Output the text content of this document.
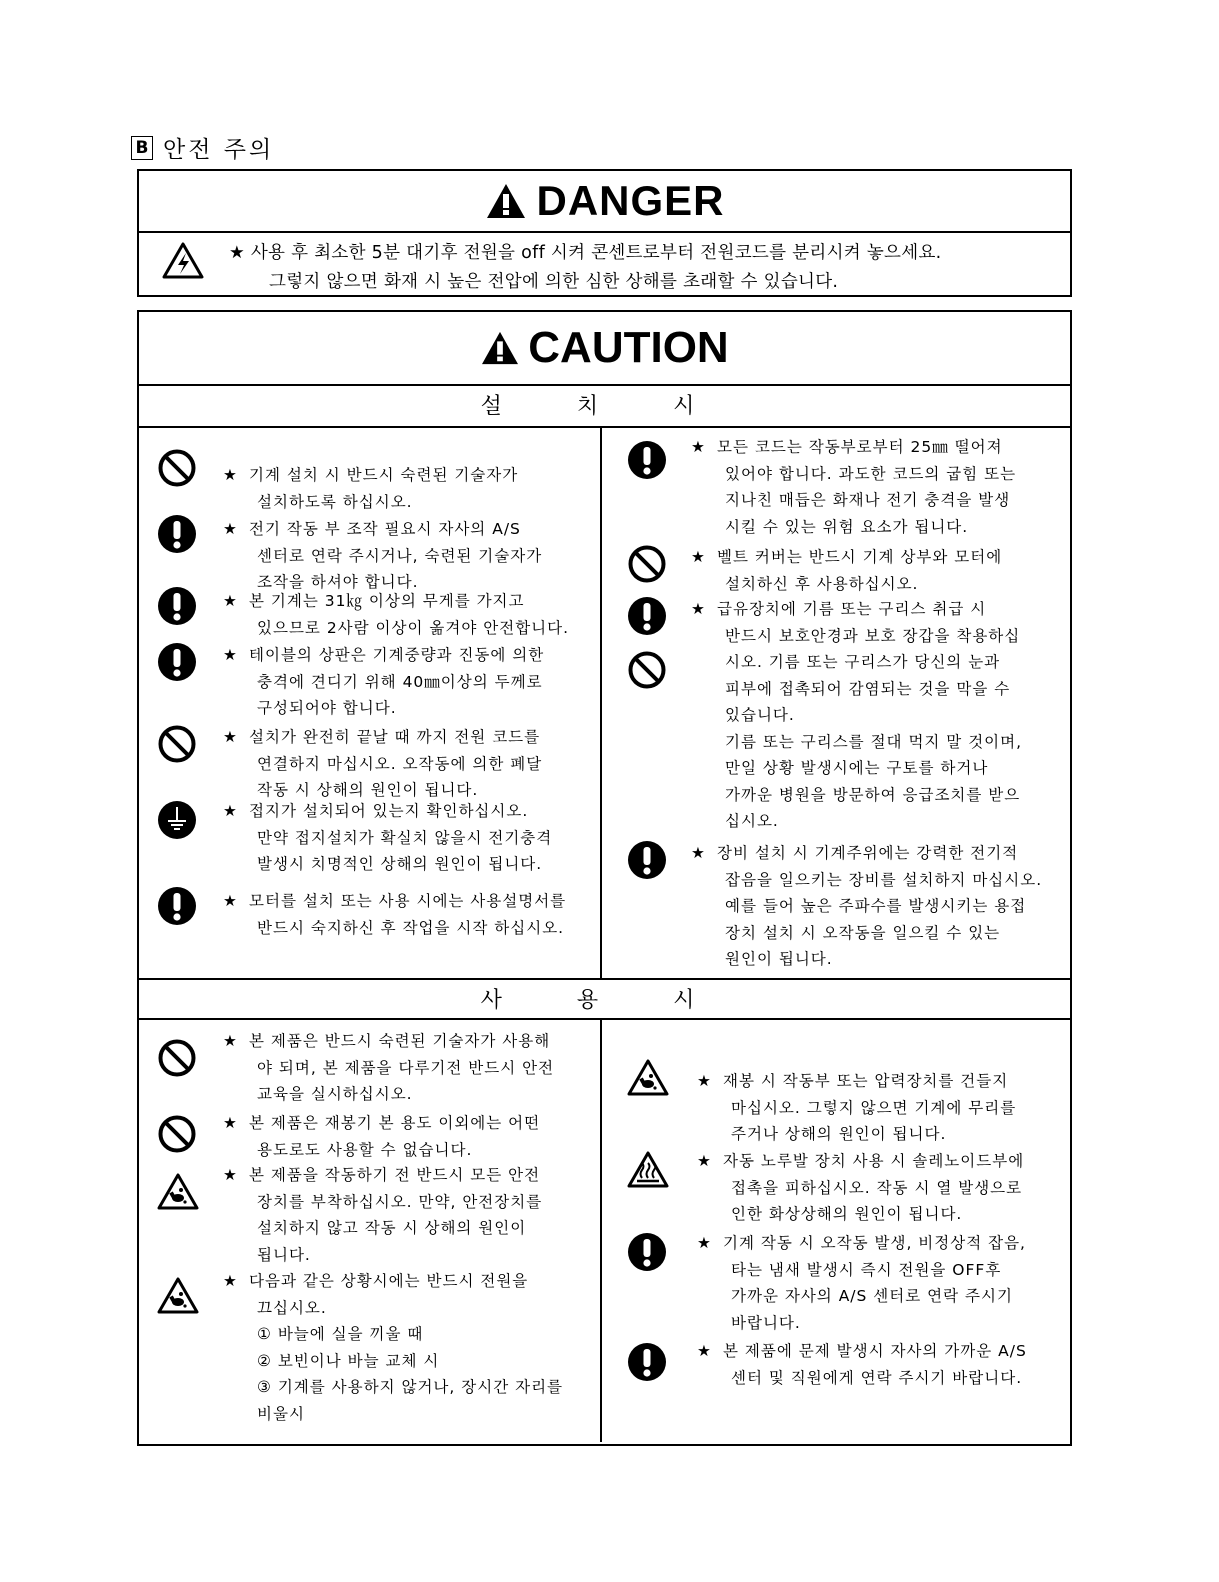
B 안전 주의
DANGER
★ 사용 후 최소한 5분 대기후 전원을 off 시켜 콘센트로부터 전원코드를 분리시켜 놓으세요.
그렇지 않으면 화재 시 높은 전압에 의한 심한 상해를 초래할 수 있습니다.
CAUTION
설 치 시
★ 기계 설치 시 반드시 숙련된 기술자가
설치하도록 하십시오.
★ 전기 작동 부 조작 필요시 자사의 A/S
센터로 연락 주시거나, 숙련된 기술자가
조작을 하셔야 합니다.
★ 본 기계는 31㎏ 이상의 무게를 가지고
있으므로 2사람 이상이 옮겨야 안전합니다.
★ 테이블의 상판은 기계중량과 진동에 의한
충격에 견디기 위해 40㎜이상의 두께로
구성되어야 합니다.
★ 설치가 완전히 끝날 때 까지 전원 코드를
연결하지 마십시오. 오작동에 의한 폐달
작동 시 상해의 원인이 됩니다.
★ 접지가 설치되어 있는지 확인하십시오.
만약 접지설치가 확실치 않을시 전기충격
발생시 치명적인 상해의 원인이 됩니다.
★ 모터를 설치 또는 사용 시에는 사용설명서를
반드시 숙지하신 후 작업을 시작 하십시오.
★ 모든 코드는 작동부로부터 25㎜ 떨어져
있어야 합니다. 과도한 코드의 굽힘 또는
지나친 매듭은 화재나 전기 충격을 발생
시킬 수 있는 위험 요소가 됩니다.
★ 벨트 커버는 반드시 기계 상부와 모터에
설치하신 후 사용하십시오.
★ 급유장치에 기름 또는 구리스 취급 시
반드시 보호안경과 보호 장갑을 착용하십
시오. 기름 또는 구리스가 당신의 눈과
피부에 접촉되어 감염되는 것을 막을 수
있습니다.
기름 또는 구리스를 절대 먹지 말 것이며,
만일 상황 발생시에는 구토를 하거나
가까운 병원을 방문하여 응급조치를 받으
십시오.
★ 장비 설치 시 기계주위에는 강력한 전기적
잡음을 일으키는 장비를 설치하지 마십시오.
예를 들어 높은 주파수를 발생시키는 용접
장치 설치 시 오작동을 일으킬 수 있는
원인이 됩니다.
사 용 시
★ 본 제품은 반드시 숙련된 기술자가 사용해
야 되며, 본 제품을 다루기전 반드시 안전
교육을 실시하십시오.
★ 본 제품은 재봉기 본 용도 이외에는 어떤
용도로도 사용할 수 없습니다.
★ 본 제품을 작동하기 전 반드시 모든 안전
장치를 부착하십시오. 만약, 안전장치를
설치하지 않고 작동 시 상해의 원인이
됩니다.
★ 다음과 같은 상황시에는 반드시 전원을
끄십시오.
① 바늘에 실을 끼울 때
② 보빈이나 바늘 교체 시
③ 기계를 사용하지 않거나, 장시간 자리를
비울시
★ 재봉 시 작동부 또는 압력장치를 건들지
마십시오. 그렇지 않으면 기계에 무리를
주거나 상해의 원인이 됩니다.
★ 자동 노루발 장치 사용 시 솔레노이드부에
접촉을 피하십시오. 작동 시 열 발생으로
인한 화상상해의 원인이 됩니다.
★ 기계 작동 시 오작동 발생, 비정상적 잡음,
타는 냄새 발생시 즉시 전원을 OFF후
가까운 자사의 A/S 센터로 연락 주시기
바랍니다.
★ 본 제품에 문제 발생시 자사의 가까운 A/S
센터 및 직원에게 연락 주시기 바랍니다.
